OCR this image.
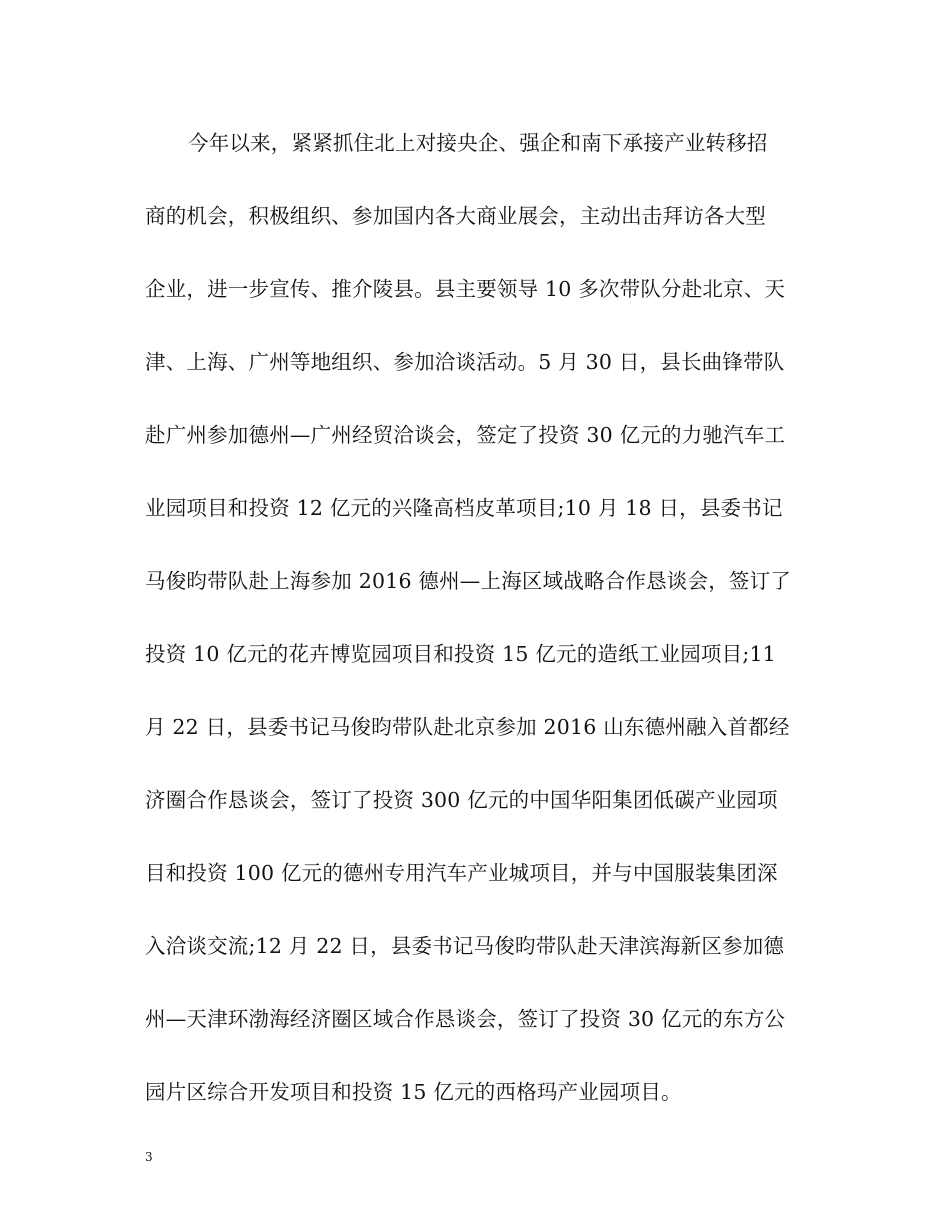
今年以来，紧紧抓住北上对接央企、强企和南下承接产业转移招
商的机会，积极组织、参加国内各大商业展会，主动出击拜访各大型
企业，进一步宣传、推介陵县。县主要领导 10 多次带队分赴北京、天
津、上海、广州等地组织、参加洽谈活动。5 月 30 日，县长曲锋带队
赴广州参加德州—广州经贸洽谈会，签定了投资 30 亿元的力驰汽车工
业园项目和投资 12 亿元的兴隆高档皮革项目;10 月 18 日，县委书记
马俊昀带队赴上海参加 2016 德州—上海区域战略合作恳谈会，签订了
投资 10 亿元的花卉博览园项目和投资 15 亿元的造纸工业园项目;11
月 22 日，县委书记马俊昀带队赴北京参加 2016 山东德州融入首都经
济圈合作恳谈会，签订了投资 300 亿元的中国华阳集团低碳产业园项
目和投资 100 亿元的德州专用汽车产业城项目，并与中国服装集团深
入洽谈交流;12 月 22 日，县委书记马俊昀带队赴天津滨海新区参加德
州—天津环渤海经济圈区域合作恳谈会，签订了投资 30 亿元的东方公
园片区综合开发项目和投资 15 亿元的西格玛产业园项目。
3
